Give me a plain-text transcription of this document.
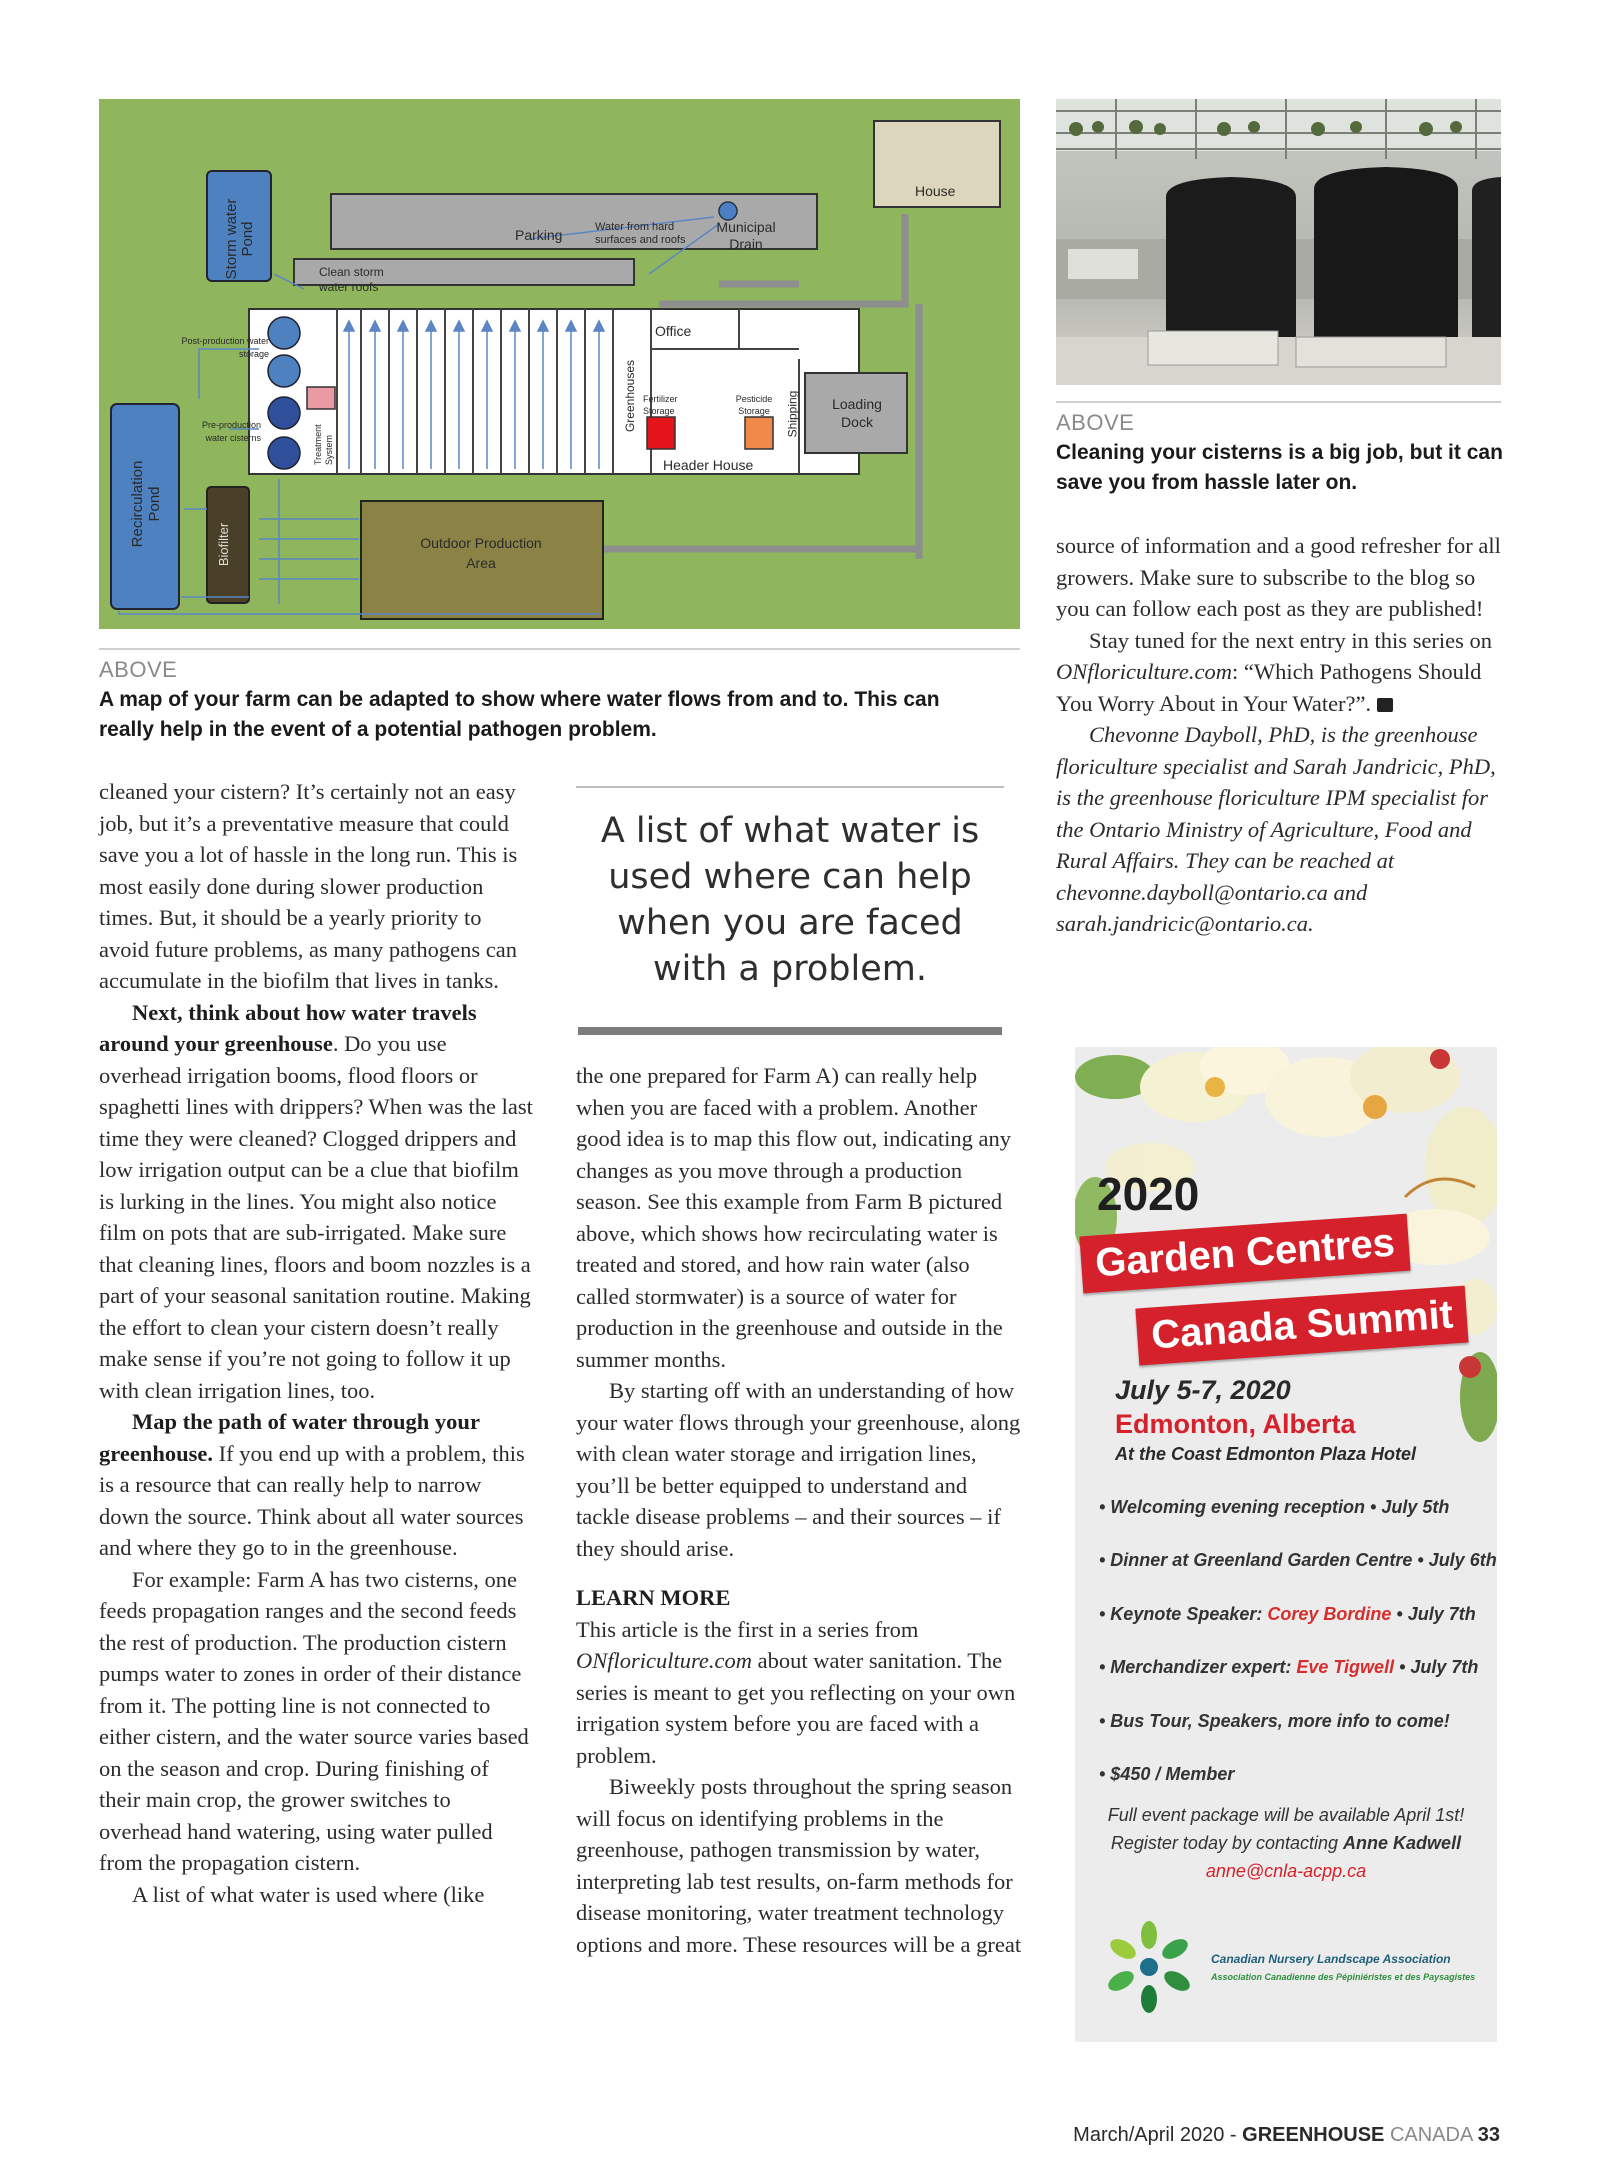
House
Storm water Pond	Parking	Water from hard surfaces and roofs
Municipal Drain
Clean storm water roofs
Post-production water storage
Pre-production water cisterns	Treatment System
Greenhouses
Office
Fertilizer Storage
Pesticide Storage	Shipping	Loading Dock
Header House
Recirculation Pond
Biofilter	Outdoor Production Area
ABOVE
Cleaning your cisterns is a big job, but it can save you from hassle later on.
ABOVE
A map of your farm can be adapted to show where water flows from and to. This can really help in the event of a potential pathogen problem.

cleaned your cistern? It’s certainly not an easy job, but it’s a preventative measure that could save you a lot of hassle in the long run. This is most easily done during slower production times. But, it should be a yearly priority to avoid future problems, as many pathogens can accumulate in the biofilm that lives in tanks.

Next, think about how water travels around your greenhouse. Do you use overhead irrigation booms, flood floors or spaghetti lines with drippers? When was the last time they were cleaned? Clogged drippers and low irrigation output can be a clue that biofilm is lurking in the lines. You might also notice film on pots that are sub-irrigated. Make sure that cleaning lines, floors and boom nozzles is a part of your seasonal sanitation routine. Making the effort to clean your cistern doesn’t really make sense if you’re not going to follow it up with clean irrigation lines, too.

Map the path of water through your greenhouse. If you end up with a problem, this is a resource that can really help to narrow down the source. Think about all water sources and where they go to in the greenhouse.

For example: Farm A has two cisterns, one feeds propagation ranges and the second feeds the rest of production. The production cistern pumps water to zones in order of their distance from it. The potting line is not connected to either cistern, and the water source varies based on the season and crop. During finishing of their main crop, the grower switches to overhead hand watering, using water pulled from the propagation cistern.

A list of what water is used where (like

A list of what water is used where can help when you are faced with a problem.

the one prepared for Farm A) can really help when you are faced with a problem. Another good idea is to map this flow out, indicating any changes as you move through a production season. See this example from Farm B pictured above, which shows how recirculating water is treated and stored, and how rain water (also called stormwater) is a source of water for production in the greenhouse and outside in the summer months.

By starting off with an understanding of how your water flows through your greenhouse, along with clean water storage and irrigation lines, you’ll be better equipped to understand and tackle disease problems – and their sources – if they should arise.

LEARN MORE

This article is the first in a series from ONfloriculture.com about water sanitation. The series is meant to get you reflecting on your own irrigation system before you are faced with a problem.

Biweekly posts throughout the spring season will focus on identifying problems in the greenhouse, pathogen transmission by water, interpreting lab test results, on-farm methods for disease monitoring, water treatment technology options and more. These resources will be a great

source of information and a good refresher for all growers. Make sure to subscribe to the blog so you can follow each post as they are published!

Stay tuned for the next entry in this series on ONfloriculture.com: “Which Pathogens Should You Worry About in Your Water?”.

Chevonne Dayboll, PhD, is the greenhouse floriculture specialist and Sarah Jandricic, PhD, is the greenhouse floriculture IPM specialist for the Ontario Ministry of Agriculture, Food and Rural Affairs. They can be reached at chevonne.dayboll@ontario.ca and sarah.jandricic@ontario.ca.

2020
Garden Centres
Canada Summit
July 5-7, 2020
Edmonton, Alberta
At the Coast Edmonton Plaza Hotel
• Welcoming evening reception • July 5th
• Dinner at Greenland Garden Centre • July 6th
• Keynote Speaker: Corey Bordine • July 7th
• Merchandizer expert: Eve Tigwell • July 7th
• Bus Tour, Speakers, more info to come!
• $450 / Member
Full event package will be available April 1st!
Register today by contacting Anne Kadwell
anne@cnla-acpp.ca
Canadian Nursery Landscape Association
Association Canadienne des Pépiniéristes et des Paysagistes
March/April 2020 - GREENHOUSE CANADA 33
